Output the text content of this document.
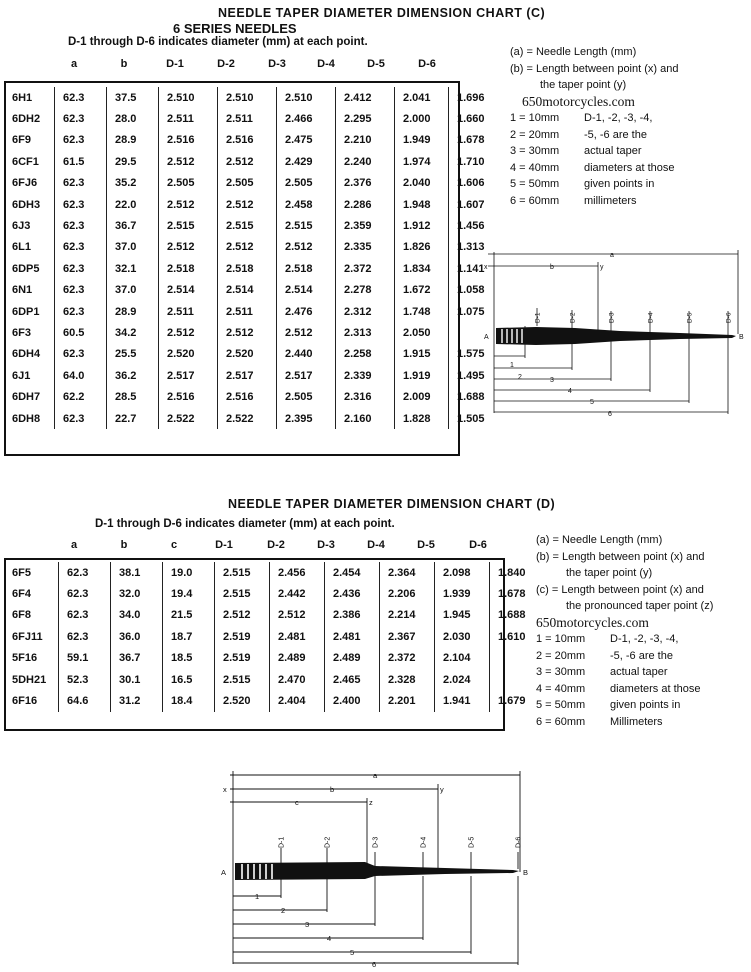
NEEDLE TAPER DIAMETER DIMENSION CHART (C)
6 SERIES NEEDLES
D-1 through D-6 indicates diameter (mm) at each point.
a	b	D-1	D-2	D-3	D-4	D-5	D-6
6H1	62.3	37.5	2.510	2.510	2.510	2.412	2.041	1.696
6DH2	62.3	28.0	2.511	2.511	2.466	2.295	2.000	1.660
6F9	62.3	28.9	2.516	2.516	2.475	2.210	1.949	1.678
6CF1	61.5	29.5	2.512	2.512	2.429	2.240	1.974	1.710
6FJ6	62.3	35.2	2.505	2.505	2.505	2.376	2.040	1.606
6DH3	62.3	22.0	2.512	2.512	2.458	2.286	1.948	1.607
6J3	62.3	36.7	2.515	2.515	2.515	2.359	1.912	1.456
6L1	62.3	37.0	2.512	2.512	2.512	2.335	1.826	1.313
6DP5	62.3	32.1	2.518	2.518	2.518	2.372	1.834	1.141
6N1	62.3	37.0	2.514	2.514	2.514	2.278	1.672	1.058
6DP1	62.3	28.9	2.511	2.511	2.476	2.312	1.748	1.075
6F3	60.5	34.2	2.512	2.512	2.512	2.313	2.050	
6DH4	62.3	25.5	2.520	2.520	2.440	2.258	1.915	1.575
6J1	64.0	36.2	2.517	2.517	2.517	2.339	1.919	1.495
6DH7	62.2	28.5	2.516	2.516	2.505	2.316	2.009	1.688
6DH8	62.3	22.7	2.522	2.522	2.395	2.160	1.828	1.505
(a) = Needle Length (mm)
(b) = Length between point (x) and
the taper point (y)
650motorcycles.com
1 = 10mm	D-1, -2, -3, -4,
2 = 20mm	-5, -6 are the
3 = 30mm	actual taper
4 = 40mm	diameters at those
5 = 50mm	given points in
6 = 60mm	millimeters
x	b	y
a
A	B
1
2	3
4
5
6
D-1	D-2	D-3	D-4	D-5	D-6
NEEDLE TAPER DIAMETER DIMENSION CHART (D)
D-1 through D-6 indicates diameter (mm) at each point.
a	b	c	D-1	D-2	D-3	D-4	D-5	D-6
6F5	62.3	38.1	19.0	2.515	2.456	2.454	2.364	2.098	1.840
6F4	62.3	32.0	19.4	2.515	2.442	2.436	2.206	1.939	1.678
6F8	62.3	34.0	21.5	2.512	2.512	2.386	2.214	1.945	1.688
6FJ11	62.3	36.0	18.7	2.519	2.481	2.481	2.367	2.030	1.610
5F16	59.1	36.7	18.5	2.519	2.489	2.489	2.372	2.104	
5DH21	52.3	30.1	16.5	2.515	2.470	2.465	2.328	2.024	
6F16	64.6	31.2	18.4	2.520	2.404	2.400	2.201	1.941	1.679
(a) = Needle Length (mm)
(b) = Length between point (x) and
the taper point (y)
(c) = Length between point (x) and
the pronounced taper point (z)
650motorcycles.com
1 = 10mm	D-1, -2, -3, -4,
2 = 20mm	-5, -6 are the
3 = 30mm	actual taper
4 = 40mm	diameters at those
5 = 50mm	given points in
6 = 60mm	Millimeters
x
c	z
b	y
a
A	B
1
2
3
4
5
6
D-1	D-2	D-3	D-4	D-5	D-6
